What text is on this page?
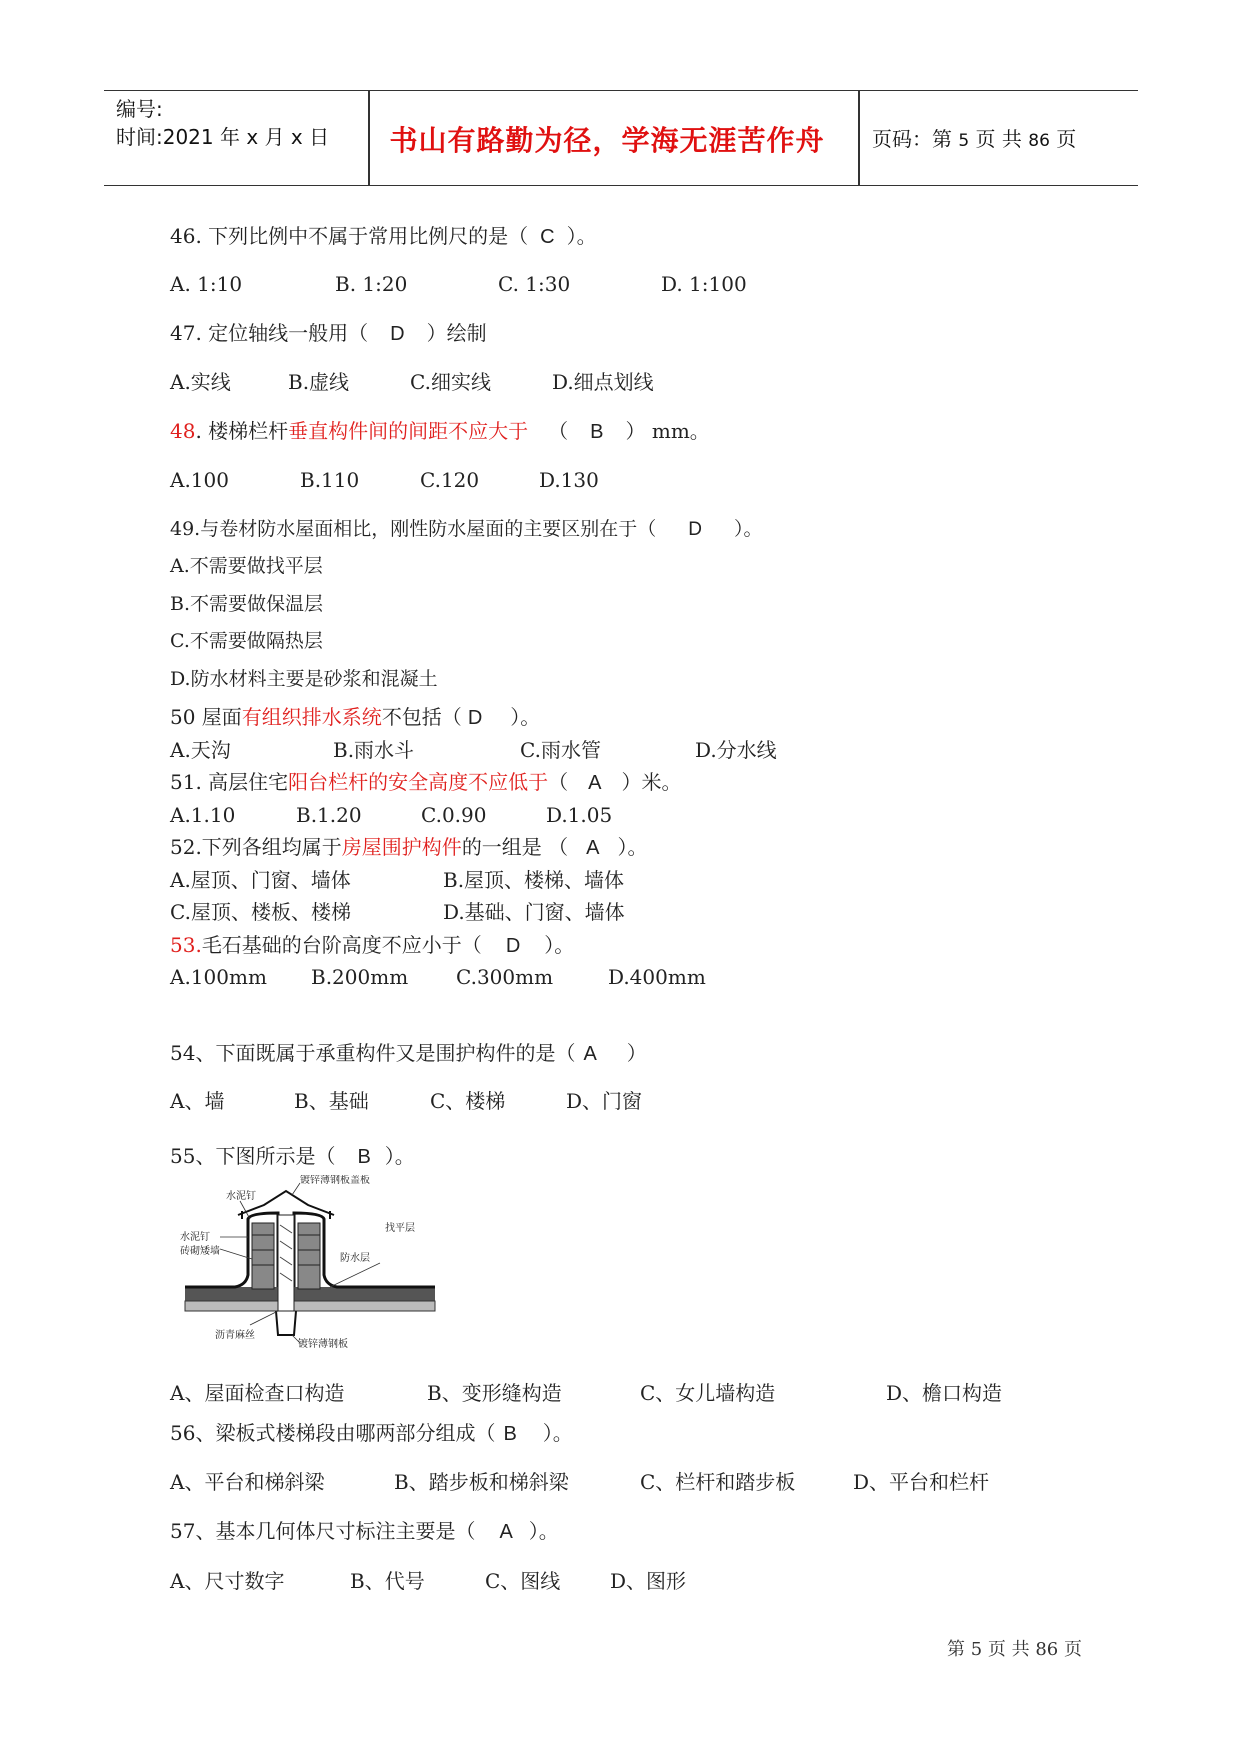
编号:
时间:2021 年 x 月 x 日	书山有路勤为径，学海无涯苦作舟	页码：第 5 页 共 86 页
46. 下列比例中不属于常用比例尺的是（ C ）。
A. 1:10	B. 1:20	C. 1:30	D. 1:100
47. 定位轴线一般用（ D ）绘制
A.实线	B.虚线	C.细实线	D.细点划线
48. 楼梯栏杆垂直构件间的间距不应大于 （ B ） mm。
A.100	B.110	C.120	D.130
49.与卷材防水屋面相比，刚性防水屋面的主要区别在于（ D ）。
A.不需要做找平层
B.不需要做保温层
C.不需要做隔热层
D.防水材料主要是砂浆和混凝土
50 屋面有组织排水系统不包括（ D ）。
A.天沟	B.雨水斗	C.雨水管	D.分水线
51. 高层住宅阳台栏杆的安全高度不应低于（ A ）米。
A.1.10	B.1.20	C.0.90	D.1.05
52.下列各组均属于房屋围护构件的一组是 （ A ）。
A.屋顶、门窗、墙体	B.屋顶、楼梯、墙体
C.屋顶、楼板、楼梯	D.基础、门窗、墙体
53.毛石基础的台阶高度不应小于（ D ）。
A.100mm B.200mm C.300mm	D.400mm
54、下面既属于承重构件又是围护构件的是（ A ）
A、墙	B、基础	C、楼梯	D、门窗
55、下图所示是（ B ）。
镀锌薄钢板盖板
水泥钉
水泥钉
砖砌矮墙
找平层
防水层
沥青麻丝
镀锌薄钢板
A、屋面检查口构造	B、变形缝构造	C、女儿墙构造	D、檐口构造
56、梁板式楼梯段由哪两部分组成（ B ）。
A、平台和梯斜梁	B、踏步板和梯斜梁	C、栏杆和踏步板	D、平台和栏杆
57、基本几何体尺寸标注主要是（ A ）。
A、尺寸数字	B、代号	C、图线 D、图形
第 5 页 共 86 页
